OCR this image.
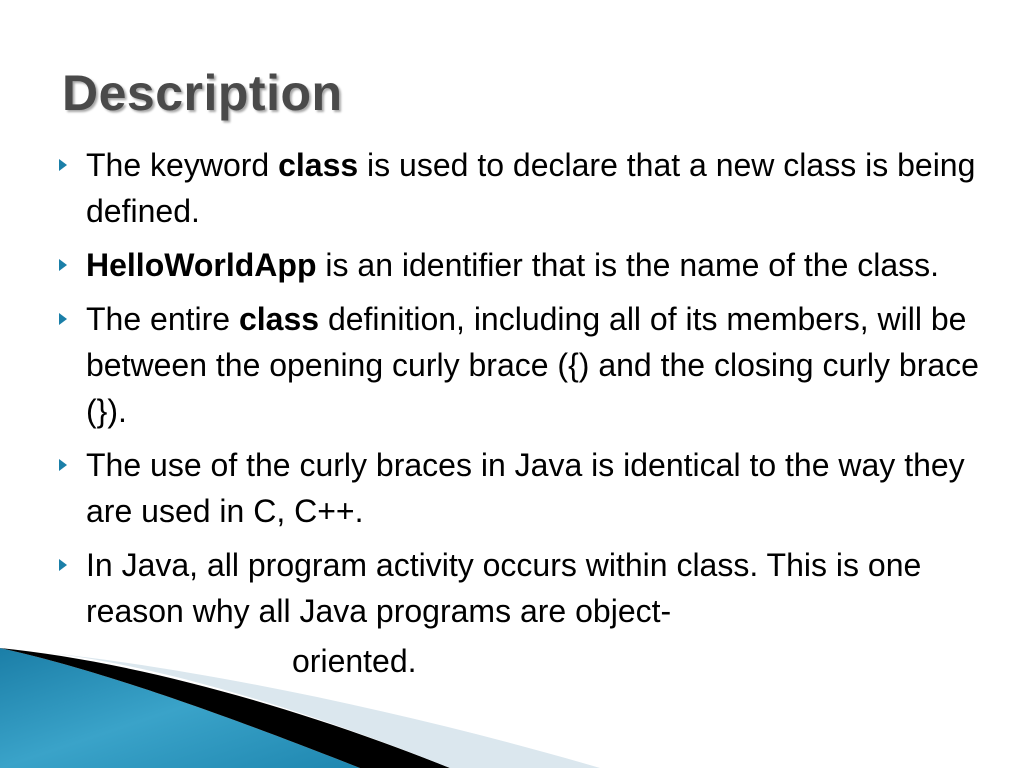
Description
The keyword class is used to declare that a new class is being defined.
HelloWorldApp is an identifier that is the name of the class.
The entire class definition, including all of its members, will be between the opening curly brace ({) and the closing curly brace (}).
The use of the curly braces in Java is identical to the way they are used in C, C++.
In Java, all program activity occurs within class. This is one reason why all Java programs are object-
oriented.
